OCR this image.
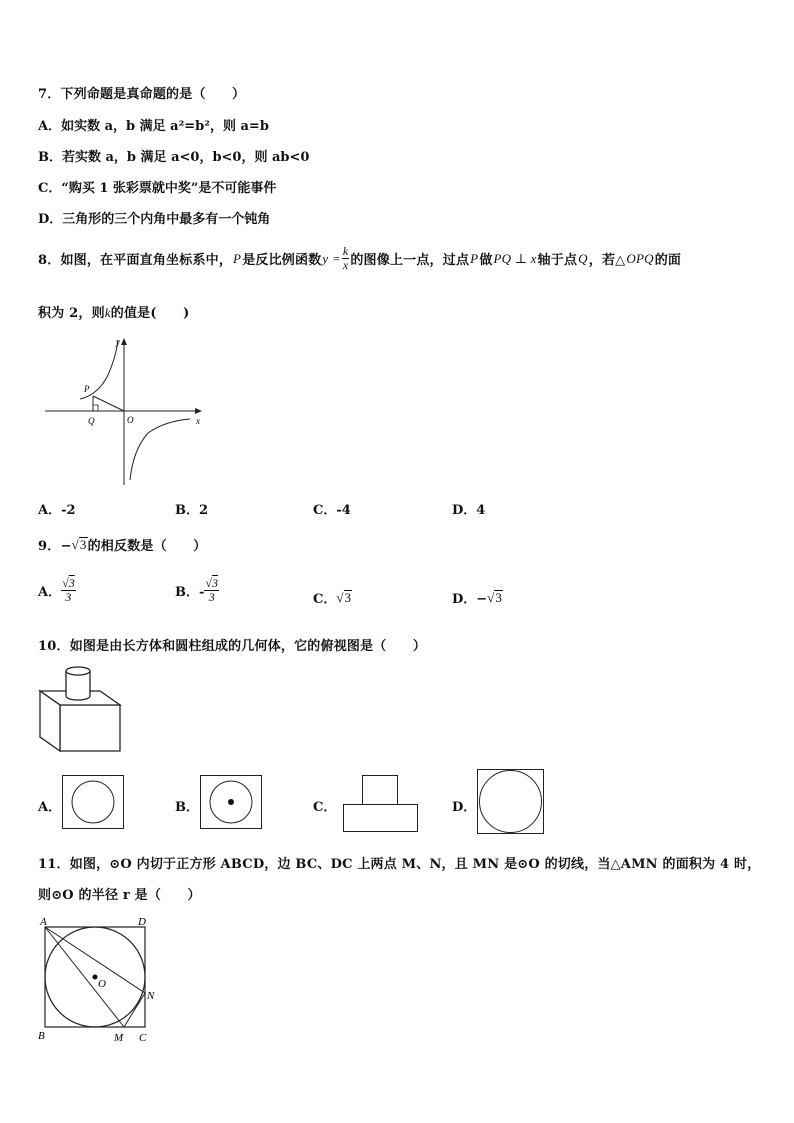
7．下列命题是真命题的是（　　）
A．如实数 a，b 满足 a²=b²，则 a=b
B．若实数 a，b 满足 a<0，b<0，则 ab<0
C．“购买 1 张彩票就中奖”是不可能事件
D．三角形的三个内角中最多有一个钝角
8．如图，在平面直角坐标系中， P 是反比例函数 $y = \frac{k}{x}$ 的图像上一点，过点 P 做 PQ ⊥ x 轴于点 Q ，若△ OPQ 的面
积为 2，则k的值是(　　)
y
x
P
Q	O
A．-2	B．2	C．-4	D．4
9．− √3 的相反数是（　　）
A． $\frac{√3}{3}$	B．- $\frac{√3}{3}$	C． √3	D．− √3
10．如图是由长方体和圆柱组成的几何体，它的俯视图是（　　）
A．	B．	C．	D．
11．如图，⊙O 内切于正方形 ABCD，边 BC、DC 上两点 M、N，且 MN 是⊙O 的切线，当△AMN 的面积为 4 时，
则⊙O 的半径 r 是（　　）
A	D
B	C
M
N
O
